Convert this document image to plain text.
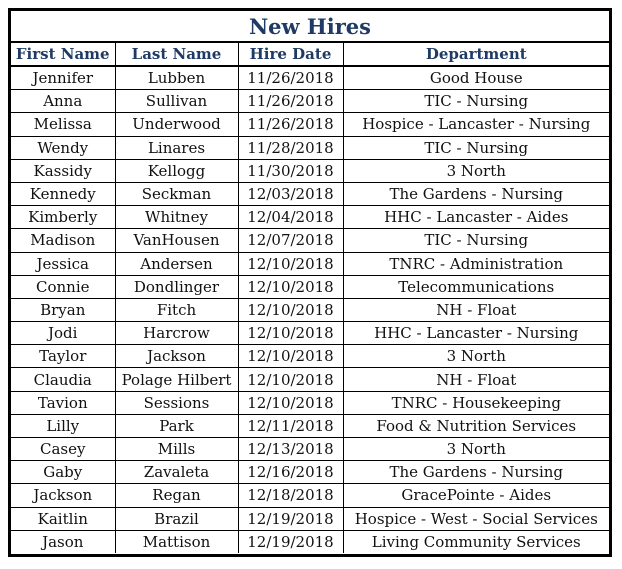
New Hires
First Name	Last Name	Hire Date	Department
Jennifer	Lubben	11/26/2018	Good House
Anna	Sullivan	11/26/2018	TIC - Nursing
Melissa	Underwood	11/26/2018	Hospice - Lancaster - Nursing
Wendy	Linares	11/28/2018	TIC - Nursing
Kassidy	Kellogg	11/30/2018	3 North
Kennedy	Seckman	12/03/2018	The Gardens - Nursing
Kimberly	Whitney	12/04/2018	HHC - Lancaster - Aides
Madison	VanHousen	12/07/2018	TIC - Nursing
Jessica	Andersen	12/10/2018	TNRC - Administration
Connie	Dondlinger	12/10/2018	Telecommunications
Bryan	Fitch	12/10/2018	NH - Float
Jodi	Harcrow	12/10/2018	HHC - Lancaster - Nursing
Taylor	Jackson	12/10/2018	3 North
Claudia	Polage Hilbert	12/10/2018	NH - Float
Tavion	Sessions	12/10/2018	TNRC - Housekeeping
Lilly	Park	12/11/2018	Food & Nutrition Services
Casey	Mills	12/13/2018	3 North
Gaby	Zavaleta	12/16/2018	The Gardens - Nursing
Jackson	Regan	12/18/2018	GracePointe - Aides
Kaitlin	Brazil	12/19/2018	Hospice - West - Social Services
Jason	Mattison	12/19/2018	Living Community Services
